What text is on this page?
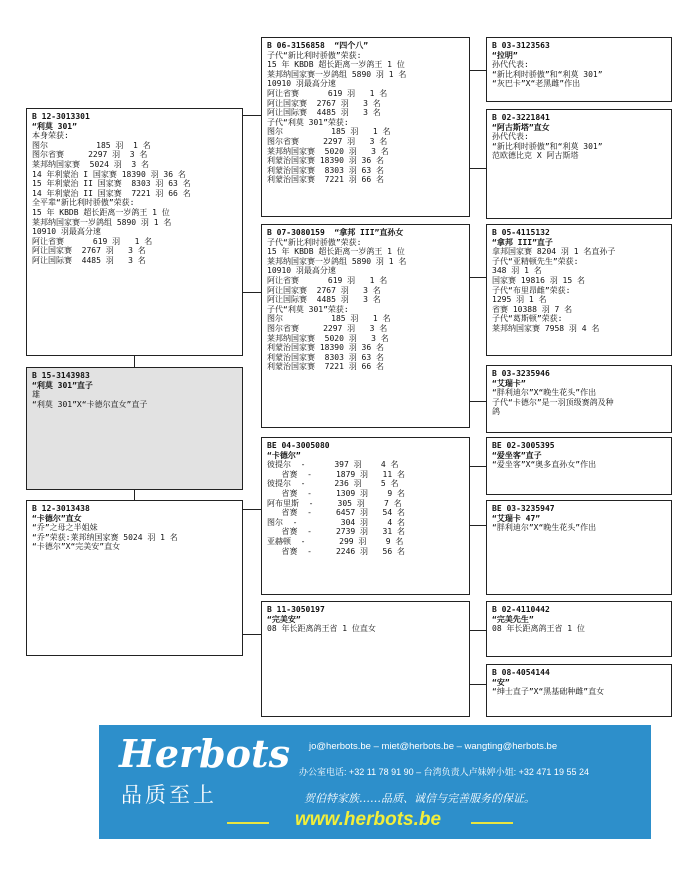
B 12-3013301
“利莫 301”
本身荣获:
图尔          185 羽  1 名
图尔省赛     2297 羽  3 名
莱邦纳国家赛  5024 羽  3 名
14 年利蒙治 I 国家赛 18390 羽 36 名
15 年利蒙治 II 国家赛  8303 羽 63 名
14 年利蒙治 II 国家赛  7221 羽 66 名
全平辈“新比利时骄傲”荣获:
15 年 KBDB 超长距离一岁鸽王 1 位
莱邦纳国家赛一岁鸽组 5890 羽 1 名
10910 羽最高分速
阿让省赛      619 羽   1 名
阿让国家赛  2767 羽   3 名
阿让国际赛  4485 羽   3 名
B 15-3143983
“利莫 301”直子
雄
“利莫 301”X“卡德尔直女”直子
B 12-3013438
“卡德尔”直女
“乔”之母之半姐妹
“乔”荣获:莱邦纳国家赛 5024 羽 1 名
“卡德尔”X“完美安”直女
B 06-3156858  “四个八”
子代“新比利时骄傲”荣获:
15 年 KBDB 超长距离一岁鸽王 1 位
莱邦纳国家赛一岁鸽组 5890 羽 1 名
10910 羽最高分速
阿让省赛      619 羽   1 名
阿让国家赛  2767 羽   3 名
阿让国际赛  4485 羽   3 名
子代“利莫 301”荣获:
图尔          185 羽   1 名
图尔省赛     2297 羽   3 名
莱邦纳国家赛  5020 羽   3 名
利蒙治国家赛 18390 羽 36 名
利蒙治国家赛  8303 羽 63 名
利蒙治国家赛  7221 羽 66 名
B 07-3080159  “拿邦 III”直孙女
子代“新比利时骄傲”荣获:
15 年 KBDB 超长距离一岁鸽王 1 位
莱邦纳国家赛一岁鸽组 5890 羽 1 名
10910 羽最高分速
阿让省赛      619 羽   1 名
阿让国家赛  2767 羽   3 名
阿让国际赛  4485 羽   3 名
子代“利莫 301”荣获:
图尔          185 羽   1 名
图尔省赛     2297 羽   3 名
莱邦纳国家赛  5020 羽   3 名
利蒙治国家赛 18390 羽 36 名
利蒙治国家赛  8303 羽 63 名
利蒙治国家赛  7221 羽 66 名
BE 04-3005080
“卡德尔”
彼提尔  -      397 羽    4 名
省赛  -     1879 羽   11 名
彼提尔  -      236 羽    5 名
省赛  -     1309 羽    9 名
阿布里斯  -     305 羽    7 名
省赛  -     6457 羽   54 名
图尔  -         304 羽    4 名
省赛  -     2739 羽   31 名
亚赫顿  -       299 羽    9 名
省赛  -     2246 羽   56 名
B 11-3050197
“完美安”
08 年长距离鸽王省 1 位直女
B 03-3123563
“拉明”
孙代代表:
“新比利时骄傲”和“利莫 301”
“灰巴卡”X“老黑雌”作出
B 02-3221841
“阿古斯塔”直女
孙代代表:
“新比利时骄傲”和“利莫 301”
范欧德比克 X 阿古斯塔
B 05-4115132
“拿邦 III”直子
拿邦国家赛 8204 羽 1 名直孙子
子代“亚精顿先生”荣获:
348 羽 1 名
国家赛 19816 羽 15 名
子代“布里昂雌”荣获:
1295 羽 1 名
省赛 10388 羽 7 名
子代“葛斯顿”荣获:
莱邦纳国家赛 7958 羽 4 名
B 03-3235946
“艾瑞卡”
“胖利迪尔”X“晚生花头”作出
子代“卡德尔”是一羽顶级赛鸽及种
鸽
BE 02-3005395
“爱坐客”直子
“爱坐客”X“奥多直孙女”作出
BE 03-3235947
“艾瑞卡 47”
“胖利迪尔”X“晚生花头”作出
B 02-4110442
“完美先生”
08 年长距离鸽王省 1 位
B 08-4054144
“安”
“绅士直子”X“黑基础种雌”直女
Herbots
品质至上
jo@herbots.be – miet@herbots.be – wangting@herbots.be
办公室电话: +32 11 78 91 90 – 台湾负责人卢妹婷小姐: +32 471 19 55 24
贺伯特家族……品质、诚信与完善服务的保证。
www.herbots.be
